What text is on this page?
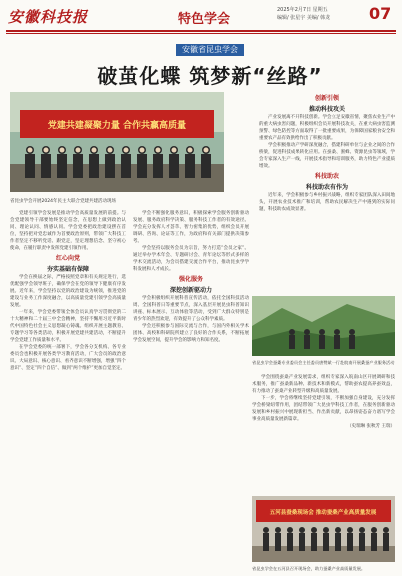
安徽科技报	特色学会
2025年2月7日 星期五
编辑/ 张星宇 美编/ 韩龙 07
安徽省昆虫学会
破茧化蝶 筑梦新“丝路”
党建共建凝聚力量 合作共赢高质量
省昆虫学会开展2024年民主大联合党建共建活动现场

党建引领学会发展是推动学会高质量发展的前提。与会党建领导干部要始终坚定信念，在思想上做到政治认同、理论认同、情感认同。学会党委把政治建设摆在首位，坚持把对党忠诚作为首要政治原则，带领广大科技工作者坚定不移听党话、跟党走，坚定理想信念、坚守初心使命，在履行职责中发挥党建引领作用。

红心向党
夯实基础有保障

学会在换届之际，严格按照党章和有关规定进行，选优配强学会领导班子，确保学会在党的领导下健康有序发展。近年来，学会坚持以党的政治建设为统领，推进党的建设与业务工作深度融合，以高质量党建引领学会高质量发展。

一年来，学会党委带领全体会员认真学习贯彻党的二十大精神和二十届三中全会精神，坚持不懈用习近平新时代中国特色社会主义思想凝心铸魂。组织开展主题教育、专题学习等各类活动，积极开展党建共建活动，不断提升学会党建工作质量和水平。

在学会党委的统一部署下，学会各分支机构、各专业委员会也积极开展各类学习教育活动，广大会员的政治意识、大局意识、核心意识、看齐意识不断增强，增强“四个意识”、坚定“四个自信”、做到“两个维护”更加自觉坚定。

学会不断强化服务意识，积极探索学会服务创新驱动发展、服务政府科学决策、服务科技工作者的有效途径。学会充分发挥人才荟萃、智力密集的优势，组织会员开展调研、咨询、论证等工作，为政府和有关部门提供决策参考。

学会坚持以服务会员为宗旨，努力打造“会员之家”。通过举办学术年会、专题研讨会、青年论坛等形式多样的学术交流活动，为会员搭建交流合作平台，推动昆虫学学科发展和人才成长。

强化服务
深挖创新驱动力

学会积极组织开展科普宣传活动，依托全国科技活动周、全国科普日等重要节点，深入基层开展昆虫科普知识讲座、标本展示、互动体验等活动，受到广大群众特别是青少年的热烈欢迎，有效提升了公众科学素质。

学会还积极参与国际交流与合作，与国内外相关学术团体、高校和科研院所建立了良好的合作关系，不断拓展学会发展空间，提升学会的影响力和知名度。

创新引领
推动科技攻关

产业发展离不开科技创新。学会立足安徽省情，聚焦农业生产中的重大病虫害问题，积极组织会员开展科技攻关，在重大病虫害监测预警、绿色防控等方面取得了一批重要成果，为保障国家粮食安全和重要农产品有效供给作出了积极贡献。

学会积极推动产学研深度融合，搭建科研单位与企业之间的合作桥梁，促进科技成果转化应用。在蚕桑、蜜蜂、资源昆虫等领域，学会专家深入生产一线，开展技术指导和培训服务，助力特色产业提质增效。

科技助农
科技助农有作为

近年来，学会积极参与乡村振兴战略，组织专家团队深入田间地头，开展农业技术推广和培训，帮助农民解决生产中遇到的实际问题，科技助农成效显著。

省昆虫学会蚕桑专业委员会主任委员唐赞斌一行赴皖南开展桑蚕产业服务活动

学会围绕蚕桑产业发展需求，组织专家深入皖南山区开展调研和技术服务，推广蚕桑新品种、新技术和新模式，帮助蚕农提高养蚕效益，有力推动了蚕桑产业转型升级和高质量发展。

下一步，学会将继续坚持党建引领，不断加强自身建设，充分发挥学会桥梁纽带作用，团结带领广大昆虫学科技工作者，在服务创新驱动发展和乡村振兴中展现新担当、作出新贡献，以昂扬姿态奋力谱写学会事业高质量发展新篇章。

（史瑞琳 张秋芳 王瑞）
五河县蚕桑现场会 推动蚕桑产业高质量发展
省昆虫学会在五河县召开现场会，助力蚕桑产业高质量发展。
